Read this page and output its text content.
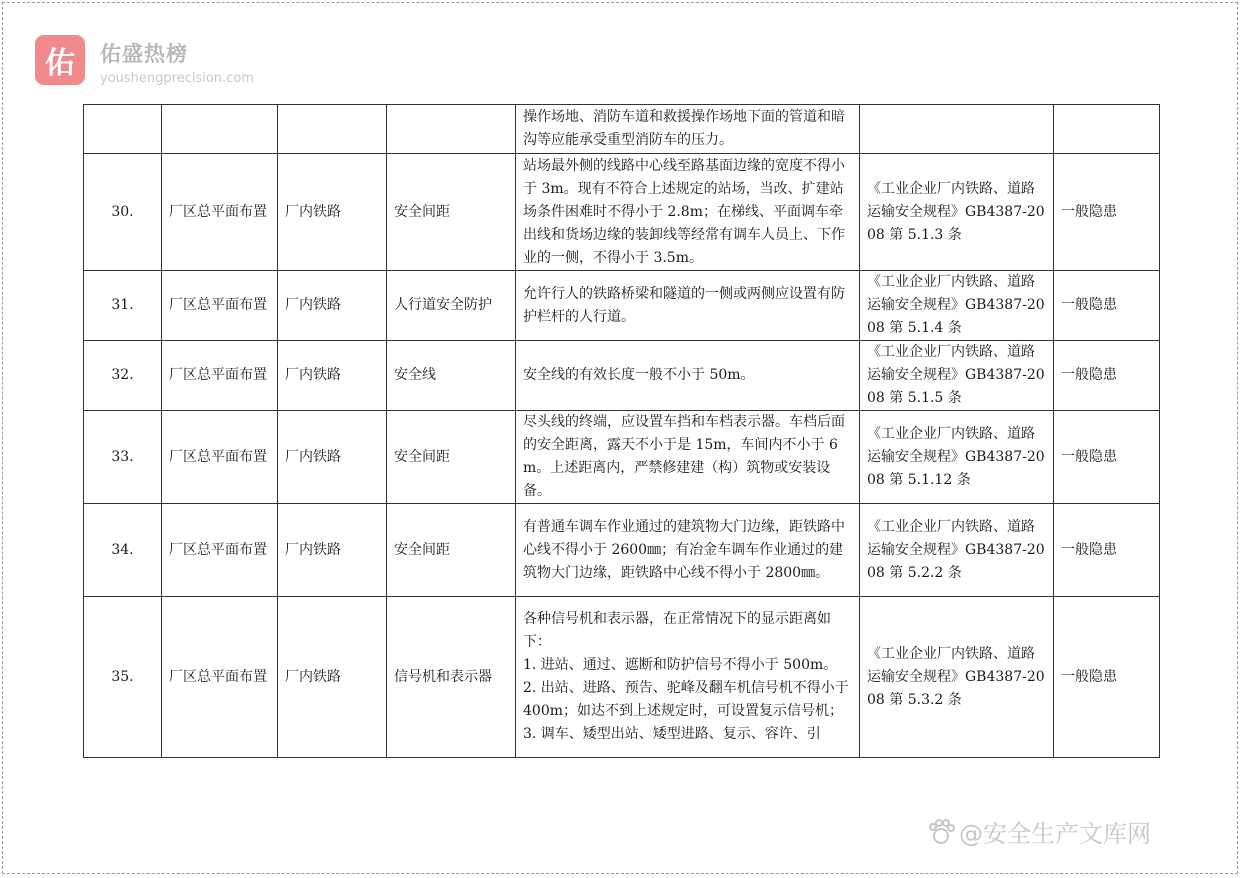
佑 佑盛热榜
youshengprecision.com
				操作场地、消防车道和救援操作场地下面的管道和暗沟等应能承受重型消防车的压力。		
30.	厂区总平面布置	厂内铁路	安全间距	站场最外侧的线路中心线至路基面边缘的宽度不得小于 3m。现有不符合上述规定的站场，当改、扩建站场条件困难时不得小于 2.8m；在梯线、平面调车牵出线和货场边缘的装卸线等经常有调车人员上、下作业的一侧，不得小于 3.5m。	《工业企业厂内铁路、道路运输安全规程》GB4387-2008 第 5.1.3 条	一般隐患
31.	厂区总平面布置	厂内铁路	人行道安全防护	允许行人的铁路桥梁和隧道的一侧或两侧应设置有防护栏杆的人行道。	《工业企业厂内铁路、道路运输安全规程》GB4387-2008 第 5.1.4 条	一般隐患
32.	厂区总平面布置	厂内铁路	安全线	安全线的有效长度一般不小于 50m。	《工业企业厂内铁路、道路运输安全规程》GB4387-2008 第 5.1.5 条	一般隐患
33.	厂区总平面布置	厂内铁路	安全间距	尽头线的终端，应设置车挡和车档表示器。车档后面的安全距离，露天不小于是 15m，车间内不小于 6m。上述距离内，严禁修建建（构）筑物或安装设备。	《工业企业厂内铁路、道路运输安全规程》GB4387-2008 第 5.1.12 条	一般隐患
34.	厂区总平面布置	厂内铁路	安全间距	有普通车调车作业通过的建筑物大门边缘，距铁路中心线不得小于 2600㎜；有冶金车调车作业通过的建筑物大门边缘，距铁路中心线不得小于 2800㎜。	《工业企业厂内铁路、道路运输安全规程》GB4387-2008 第 5.2.2 条	一般隐患
35.	厂区总平面布置	厂内铁路	信号机和表示器	各种信号机和表示器，在正常情况下的显示距离如下：
1. 进站、通过、遮断和防护信号不得小于 500m。
2. 出站、进路、预告、驼峰及翻车机信号机不得小于 400m；如达不到上述规定时，可设置复示信号机；
3. 调车、矮型出站、矮型进路、复示、容许、引	《工业企业厂内铁路、道路运输安全规程》GB4387-2008 第 5.3.2 条	一般隐患
@安全生产文库网
